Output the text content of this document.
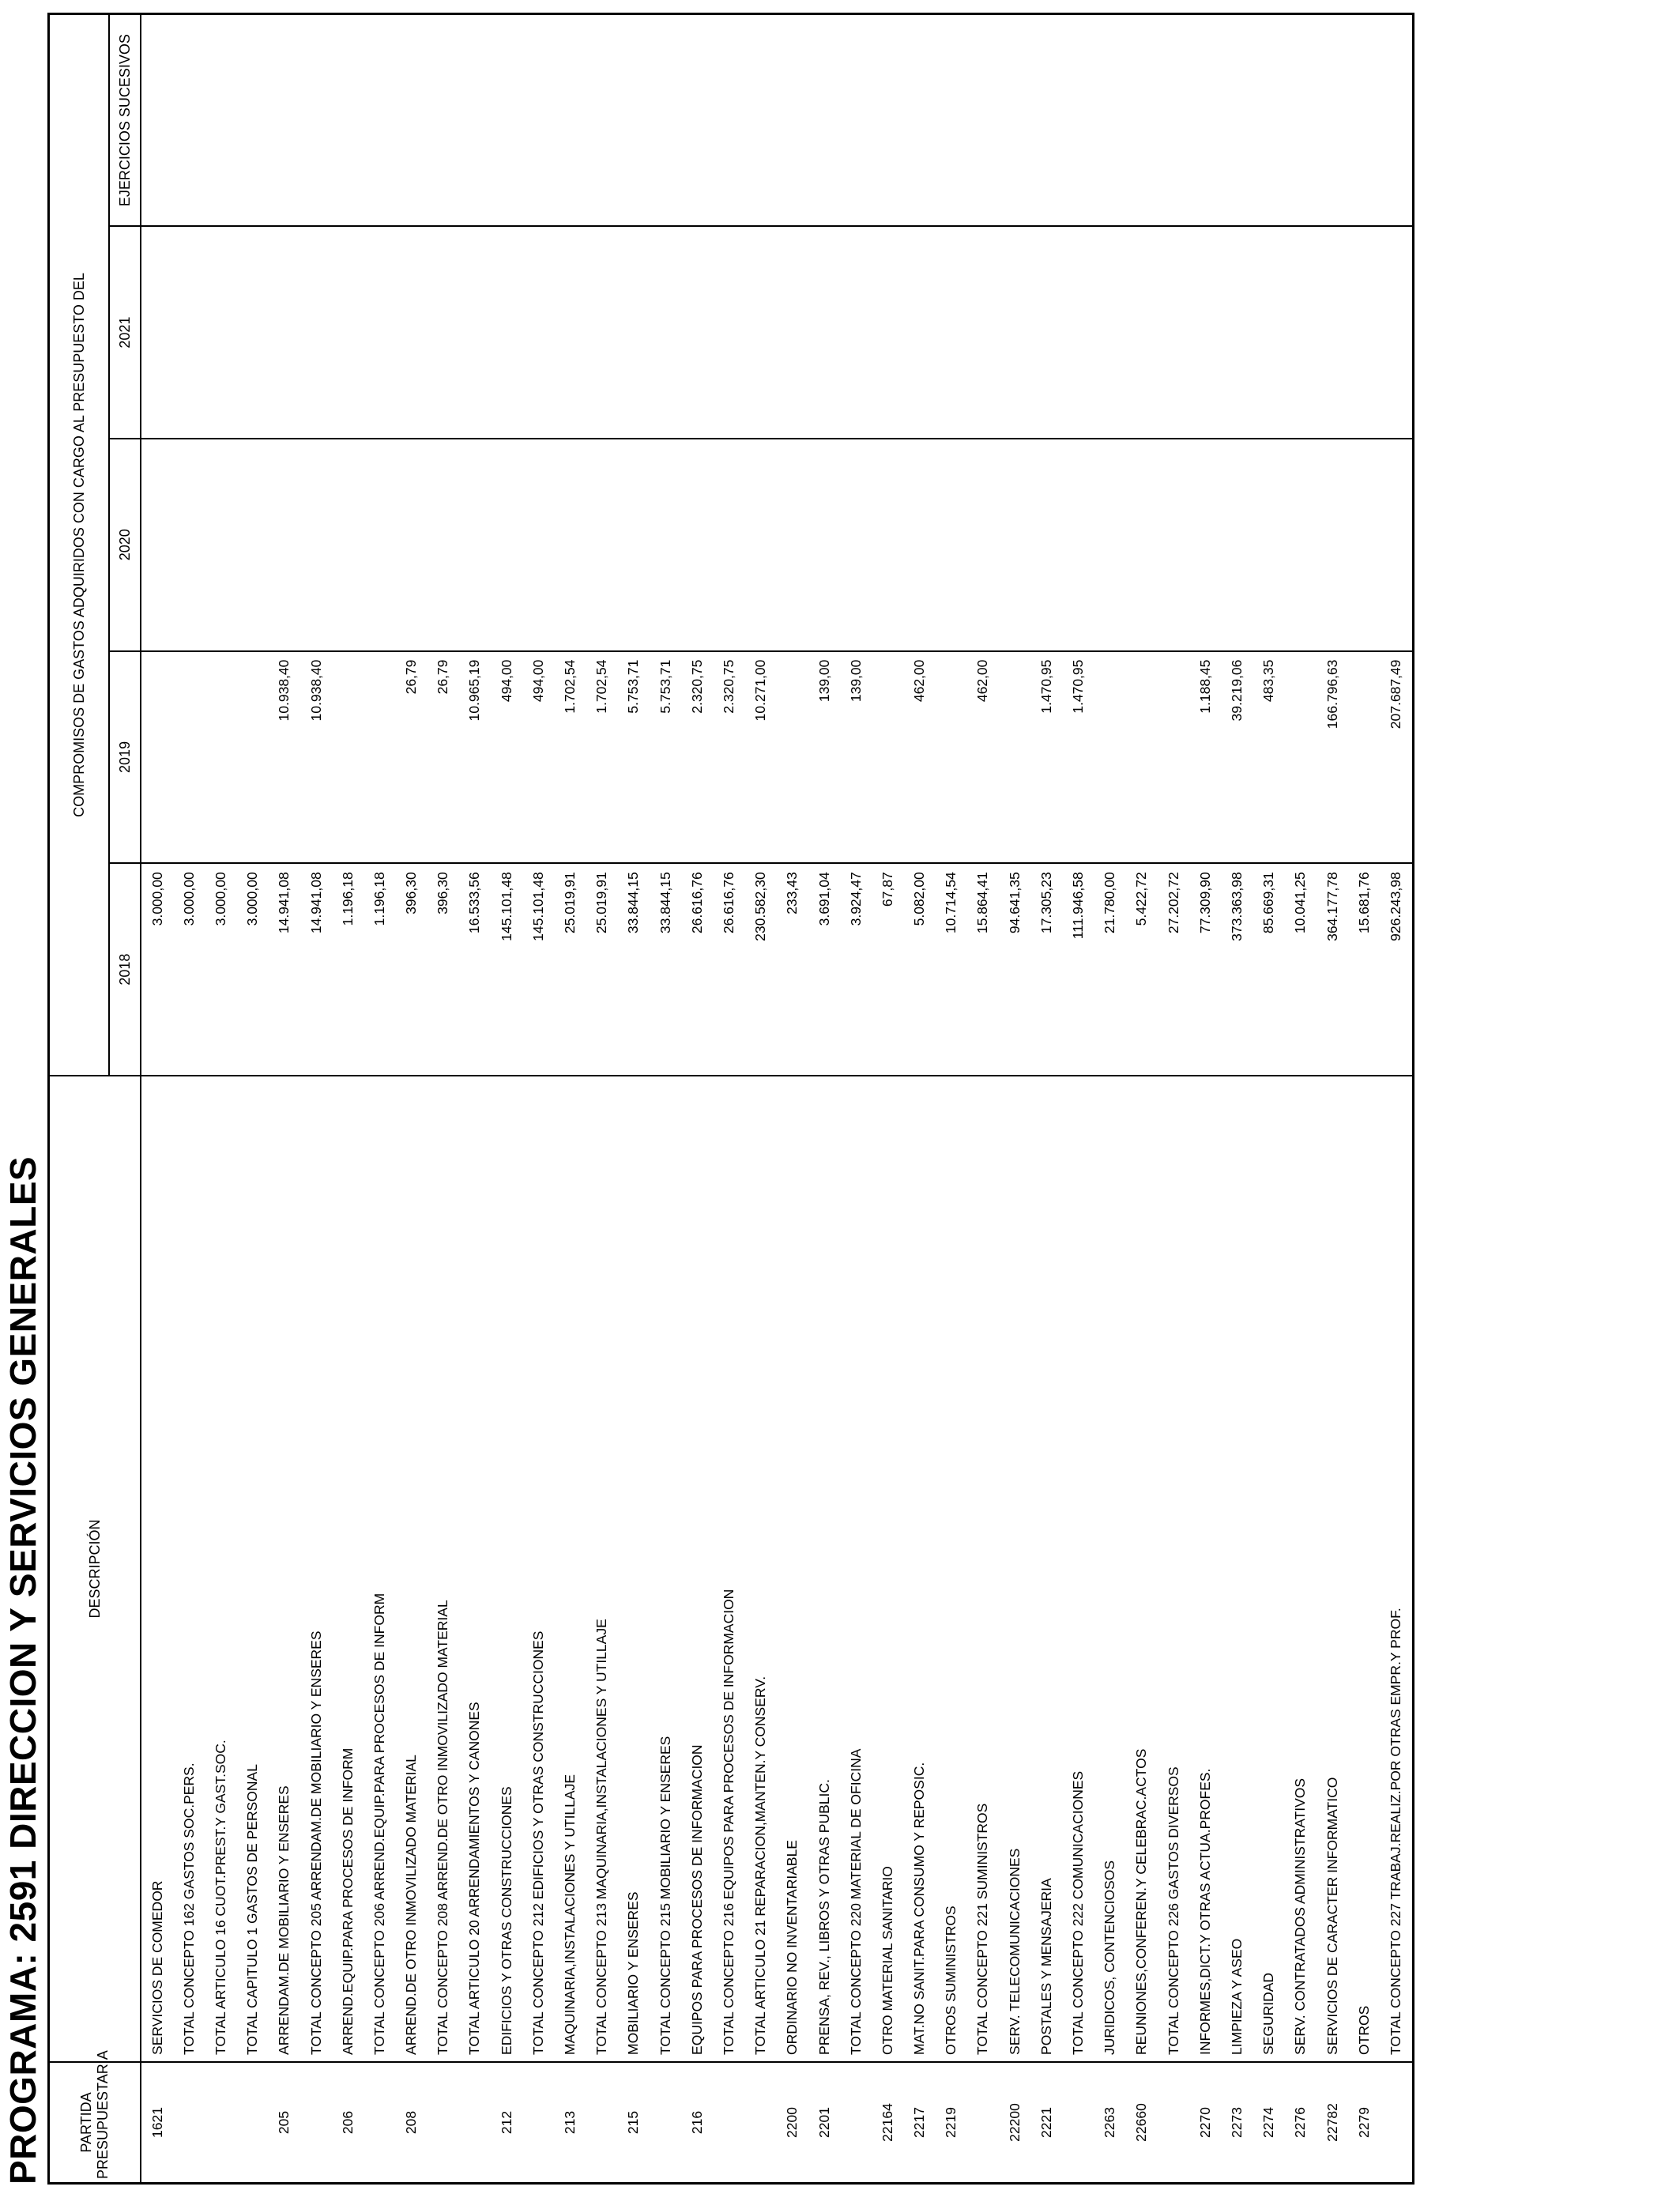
PROGRAMA: 2591 DIRECCION Y SERVICIOS GENERALES PARTIDA PRESUPUESTARIA	DESCRIPCIÓN	COMPROMISOS DE GASTOS ADQUIRIDOS CON CARGO AL PRESUPUESTO DEL				
		2018	2019	2020	2021	EJERCICIOS SUCESIVOS
1621	SERVICIOS DE COMEDOR	3.000,00				
	TOTAL CONCEPTO 162 GASTOS SOC.PERS.	3.000,00				
	TOTAL ARTICULO 16 CUOT.PREST.Y GAST.SOC.	3.000,00				
	TOTAL CAPITULO 1 GASTOS DE PERSONAL	3.000,00				
205	ARRENDAM.DE MOBILIARIO Y ENSERES	14.941,08	10.938,40			
	TOTAL CONCEPTO 205 ARRENDAM.DE MOBILIARIO Y ENSERES	14.941,08	10.938,40			
206	ARREND.EQUIP.PARA PROCESOS DE INFORM	1.196,18				
	TOTAL CONCEPTO 206 ARREND.EQUIP.PARA PROCESOS DE INFORM	1.196,18				
208	ARREND.DE OTRO INMOVILIZADO MATERIAL	396,30	26,79			
	TOTAL CONCEPTO 208 ARREND.DE OTRO INMOVILIZADO MATERIAL	396,30	26,79			
	TOTAL ARTICULO 20 ARRENDAMIENTOS Y CANONES	16.533,56	10.965,19			
212	EDIFICIOS Y OTRAS CONSTRUCCIONES	145.101,48	494,00			
	TOTAL CONCEPTO 212 EDIFICIOS Y OTRAS CONSTRUCCIONES	145.101,48	494,00			
213	MAQUINARIA,INSTALACIONES Y UTILLAJE	25.019,91	1.702,54			
	TOTAL CONCEPTO 213 MAQUINARIA,INSTALACIONES Y UTILLAJE	25.019,91	1.702,54			
215	MOBILIARIO Y ENSERES	33.844,15	5.753,71			
	TOTAL CONCEPTO 215 MOBILIARIO Y ENSERES	33.844,15	5.753,71			
216	EQUIPOS PARA PROCESOS DE INFORMACION	26.616,76	2.320,75			
	TOTAL CONCEPTO 216 EQUIPOS PARA PROCESOS DE INFORMACION	26.616,76	2.320,75			
	TOTAL ARTICULO 21 REPARACION,MANTEN.Y CONSERV.	230.582,30	10.271,00			
2200	ORDINARIO NO INVENTARIABLE	233,43				
2201	PRENSA, REV., LIBROS Y OTRAS PUBLIC.	3.691,04	139,00			
	TOTAL CONCEPTO 220 MATERIAL DE OFICINA	3.924,47	139,00			
22164	OTRO MATERIAL SANITARIO	67,87				
2217	MAT.NO SANIT.PARA CONSUMO Y REPOSIC.	5.082,00	462,00			
2219	OTROS SUMINISTROS	10.714,54				
	TOTAL CONCEPTO 221 SUMINISTROS	15.864,41	462,00			
22200	SERV. TELECOMUNICACIONES	94.641,35				
2221	POSTALES Y MENSAJERIA	17.305,23	1.470,95			
	TOTAL CONCEPTO 222 COMUNICACIONES	111.946,58	1.470,95			
2263	JURIDICOS, CONTENCIOSOS	21.780,00				
22660	REUNIONES,CONFEREN.Y CELEBRAC.ACTOS	5.422,72				
	TOTAL CONCEPTO 226 GASTOS DIVERSOS	27.202,72				
2270	INFORMES,DICT.Y OTRAS ACTUA.PROFES.	77.309,90	1.188,45			
2273	LIMPIEZA Y ASEO	373.363,98	39.219,06			
2274	SEGURIDAD	85.669,31	483,35			
2276	SERV. CONTRATADOS ADMINISTRATIVOS	10.041,25				
22782	SERVICIOS DE CARACTER INFORMATICO	364.177,78	166.796,63			
2279	OTROS	15.681,76				
	TOTAL CONCEPTO 227 TRABAJ.REALIZ.POR OTRAS EMPR.Y PROF.	926.243,98	207.687,49			
